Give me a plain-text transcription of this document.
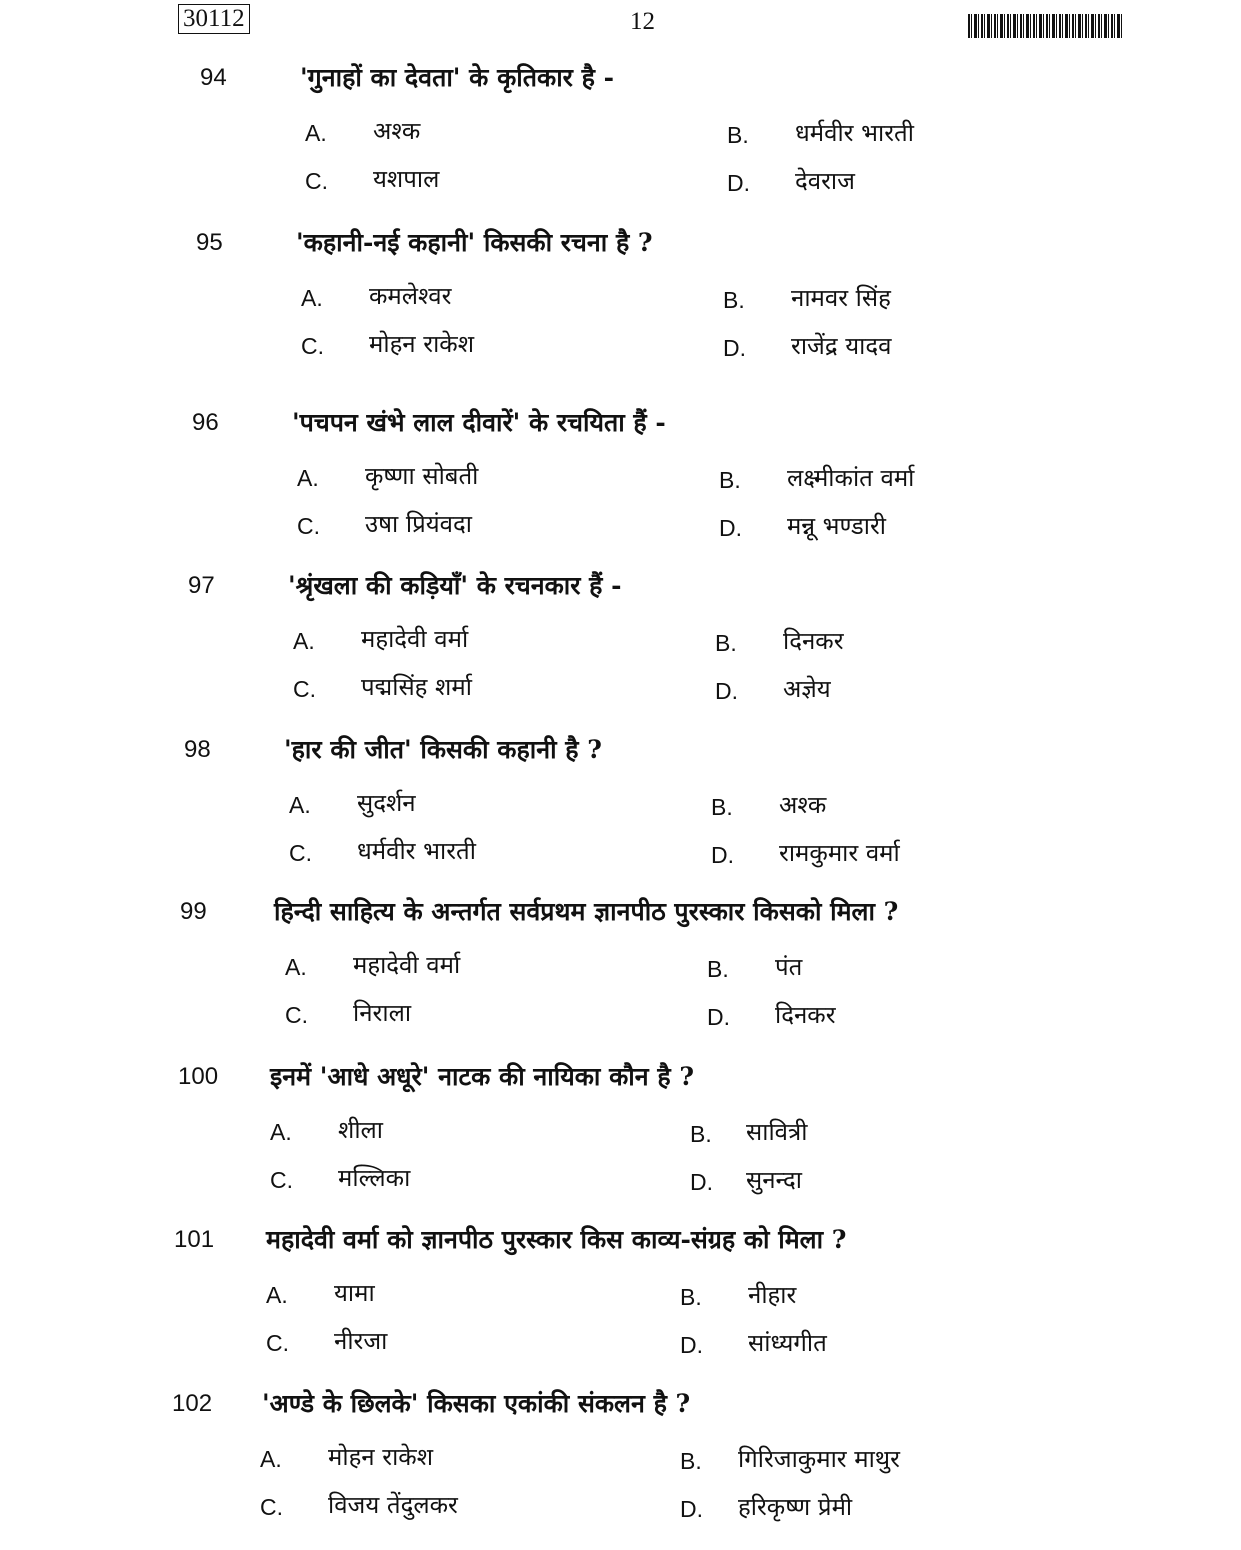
30112	12
94	'गुनाहों का देवता' के कृतिकार है -
A. अश्क	B. धर्मवीर भारती
C. यशपाल	D. देवराज
95	'कहानी-नई कहानी' किसकी रचना है ?
A. कमलेश्वर	B. नामवर सिंह
C. मोहन राकेश	D. राजेंद्र यादव
96	'पचपन खंभे लाल दीवारें' के रचयिता हैं -
A. कृष्णा सोबती	B. लक्ष्मीकांत वर्मा
C. उषा प्रियंवदा	D. मन्नू भण्डारी
97	'श्रृंखला की कड़ियाँ' के रचनकार हैं -
A. महादेवी वर्मा	B. दिनकर
C. पद्मसिंह शर्मा	D. अज्ञेय
98	'हार की जीत' किसकी कहानी है ?
A. सुदर्शन	B. अश्क
C. धर्मवीर भारती	D. रामकुमार वर्मा
99	हिन्दी साहित्य के अन्तर्गत सर्वप्रथम ज्ञानपीठ पुरस्कार किसको मिला ?
A. महादेवी वर्मा	B. पंत
C. निराला	D. दिनकर
100 इनमें 'आधे अधूरे' नाटक की नायिका कौन है ?
A. शीला	B. सावित्री
C. मल्लिका	D. सुनन्दा
101 महादेवी वर्मा को ज्ञानपीठ पुरस्कार किस काव्य-संग्रह को मिला ?
A. यामा	B. नीहार
C. नीरजा	D. सांध्यगीत
102 'अण्डे के छिलके' किसका एकांकी संकलन है ?
A. मोहन राकेश	B. गिरिजाकुमार माथुर
C. विजय तेंदुलकर	D. हरिकृष्ण प्रेमी
